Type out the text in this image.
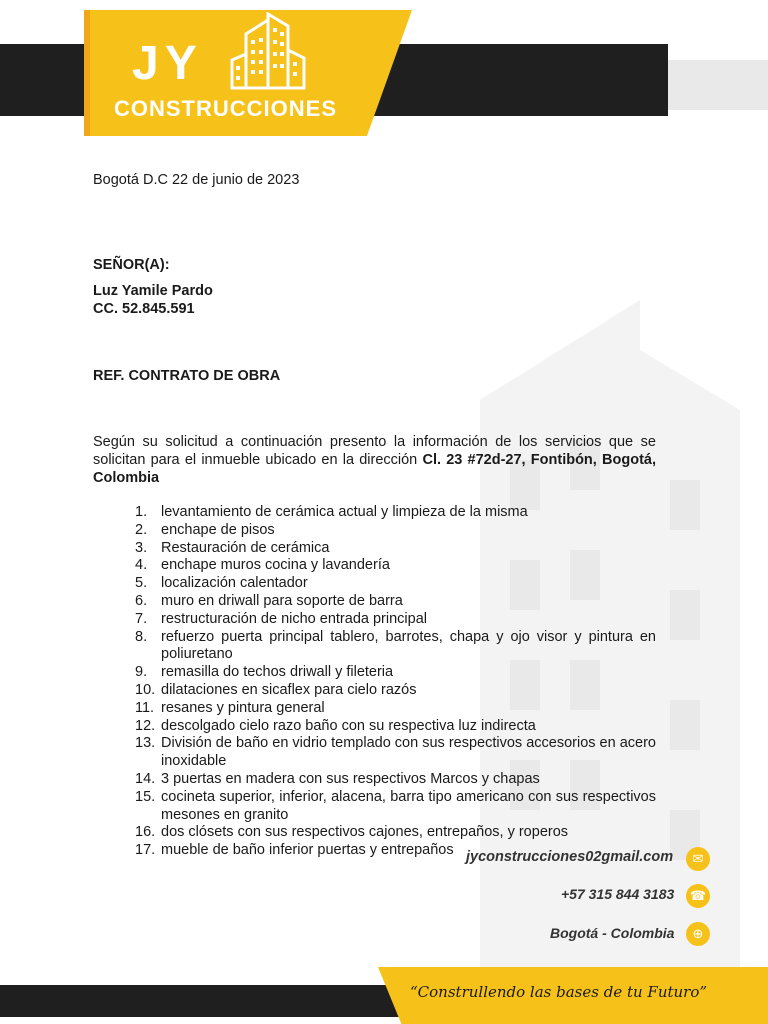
JY
CONSTRUCCIONES
Bogotá D.C 22 de junio de 2023
SEÑOR(A):
Luz Yamile Pardo
CC. 52.845.591
REF. CONTRATO DE OBRA
Según su solicitud a continuación presento la información de los servicios que se solicitan para el inmueble ubicado en la dirección Cl. 23 #72d-27, Fontibón, Bogotá, Colombia
1. levantamiento de cerámica actual y limpieza de la misma
2. enchape de pisos
3. Restauración de cerámica
4. enchape muros cocina y lavandería
5. localización calentador
6. muro en driwall para soporte de barra
7. restructuración de nicho entrada principal
8. refuerzo puerta principal tablero, barrotes, chapa y ojo visor y pintura en poliuretano
9. remasilla do techos driwall y fileteria
10. dilataciones en sicaflex para cielo razós
11. resanes y pintura general
12. descolgado cielo razo baño con su respectiva luz indirecta
13. División de baño en vidrio templado con sus respectivos accesorios en acero inoxidable
14. 3 puertas en madera con sus respectivos Marcos y chapas
15. cocineta superior, inferior, alacena, barra tipo americano con sus respectivos mesones en granito
16. dos clósets con sus respectivos cajones, entrepaños, y roperos
17. mueble de baño inferior puertas y entrepaños jyconstrucciones02gmail.com	✉
+57 315 844 3183 ☎
Bogotá - Colombia	⊕
“Construllendo las bases de tu Futuro”
